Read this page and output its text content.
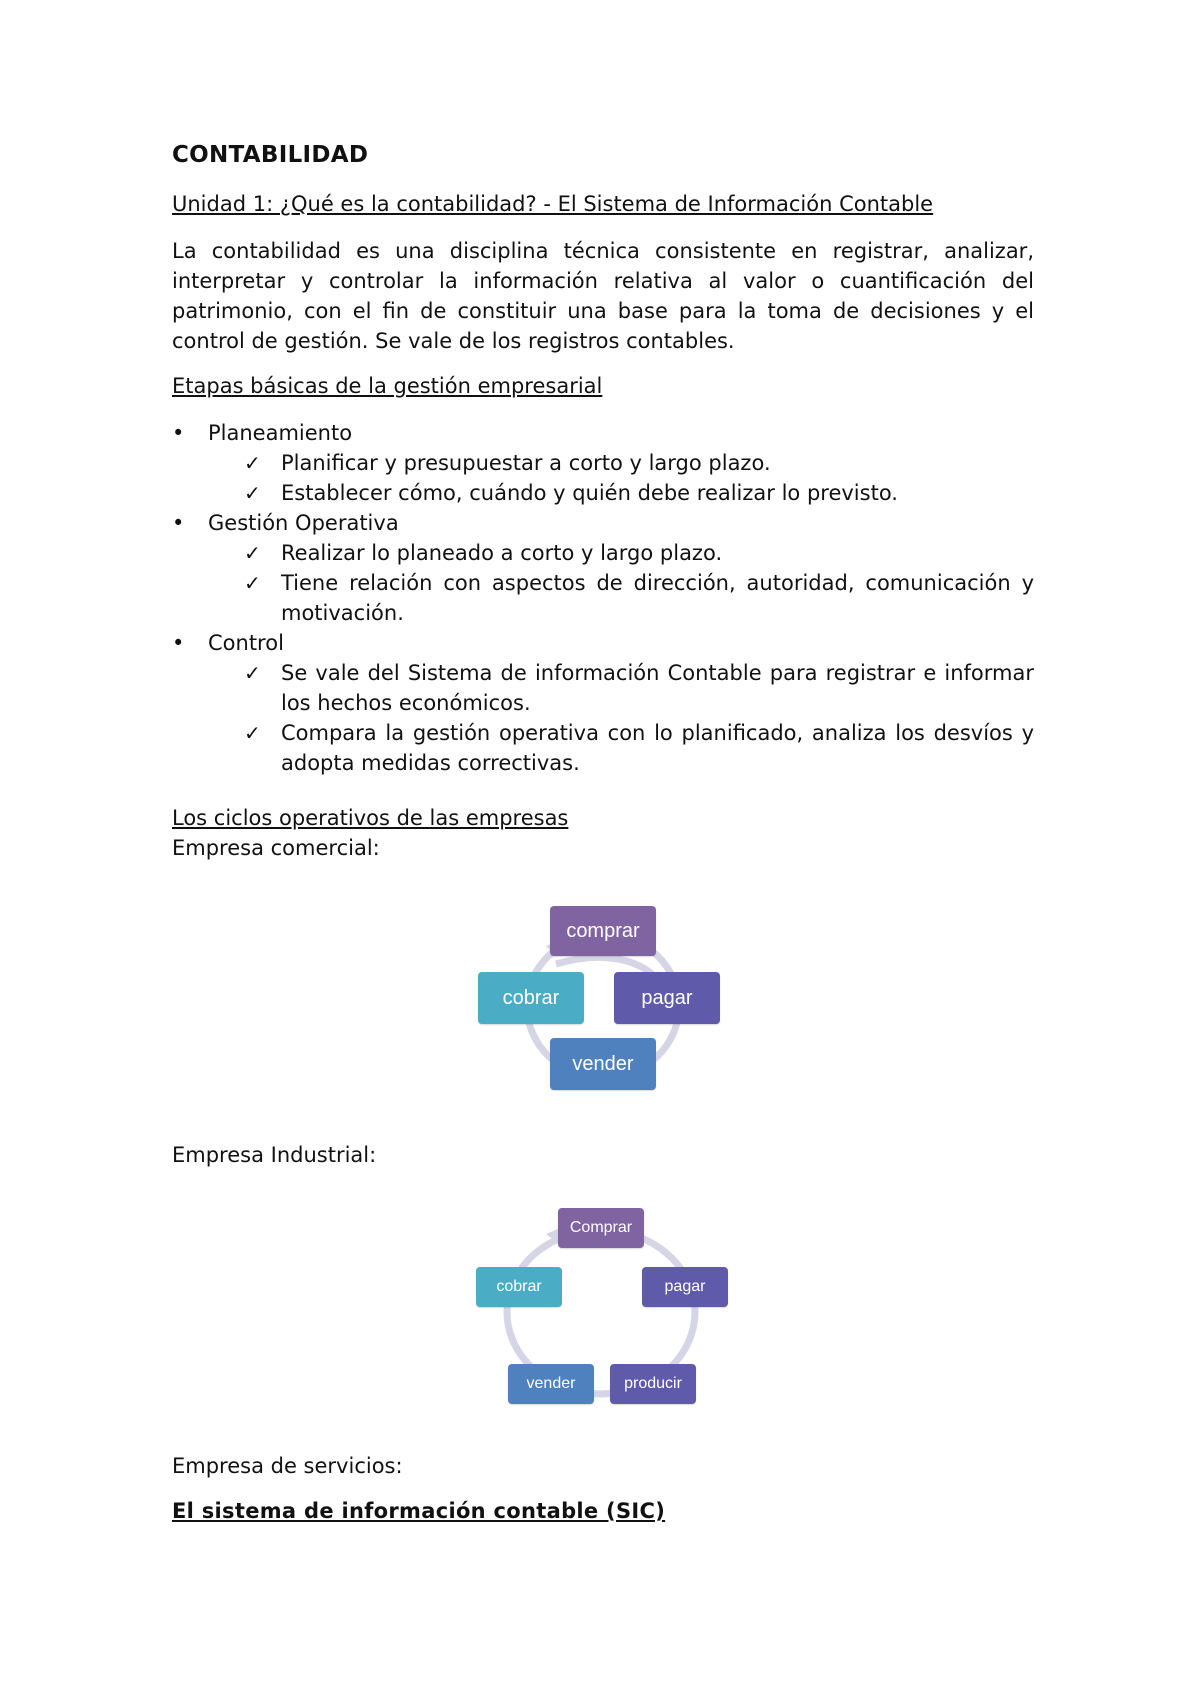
CONTABILIDAD
Unidad 1: ¿Qué es la contabilidad? - El Sistema de Información Contable

La contabilidad es una disciplina técnica consistente en registrar, analizar, interpretar y controlar la información relativa al valor o cuantificación del patrimonio, con el fin de constituir una base para la toma de decisiones y el control de gestión. Se vale de los registros contables.

Etapas básicas de la gestión empresarial
• Planeamiento
✓ Planificar y presupuestar a corto y largo plazo.
✓ Establecer cómo, cuándo y quién debe realizar lo previsto.
• Gestión Operativa
✓ Realizar lo planeado a corto y largo plazo.
✓ Tiene relación con aspectos de dirección, autoridad, comunicación y motivación.
• Control
✓ Se vale del Sistema de información Contable para registrar e informar los hechos económicos.
✓ Compara la gestión operativa con lo planificado, analiza los desvíos y adopta medidas correctivas.
Los ciclos operativos de las empresas
Empresa comercial:
comprar
pagar
vender
cobrar
Empresa Industrial:
Comprar
pagar
producir
vender
cobrar
Empresa de servicios:
El sistema de información contable (SIC)
